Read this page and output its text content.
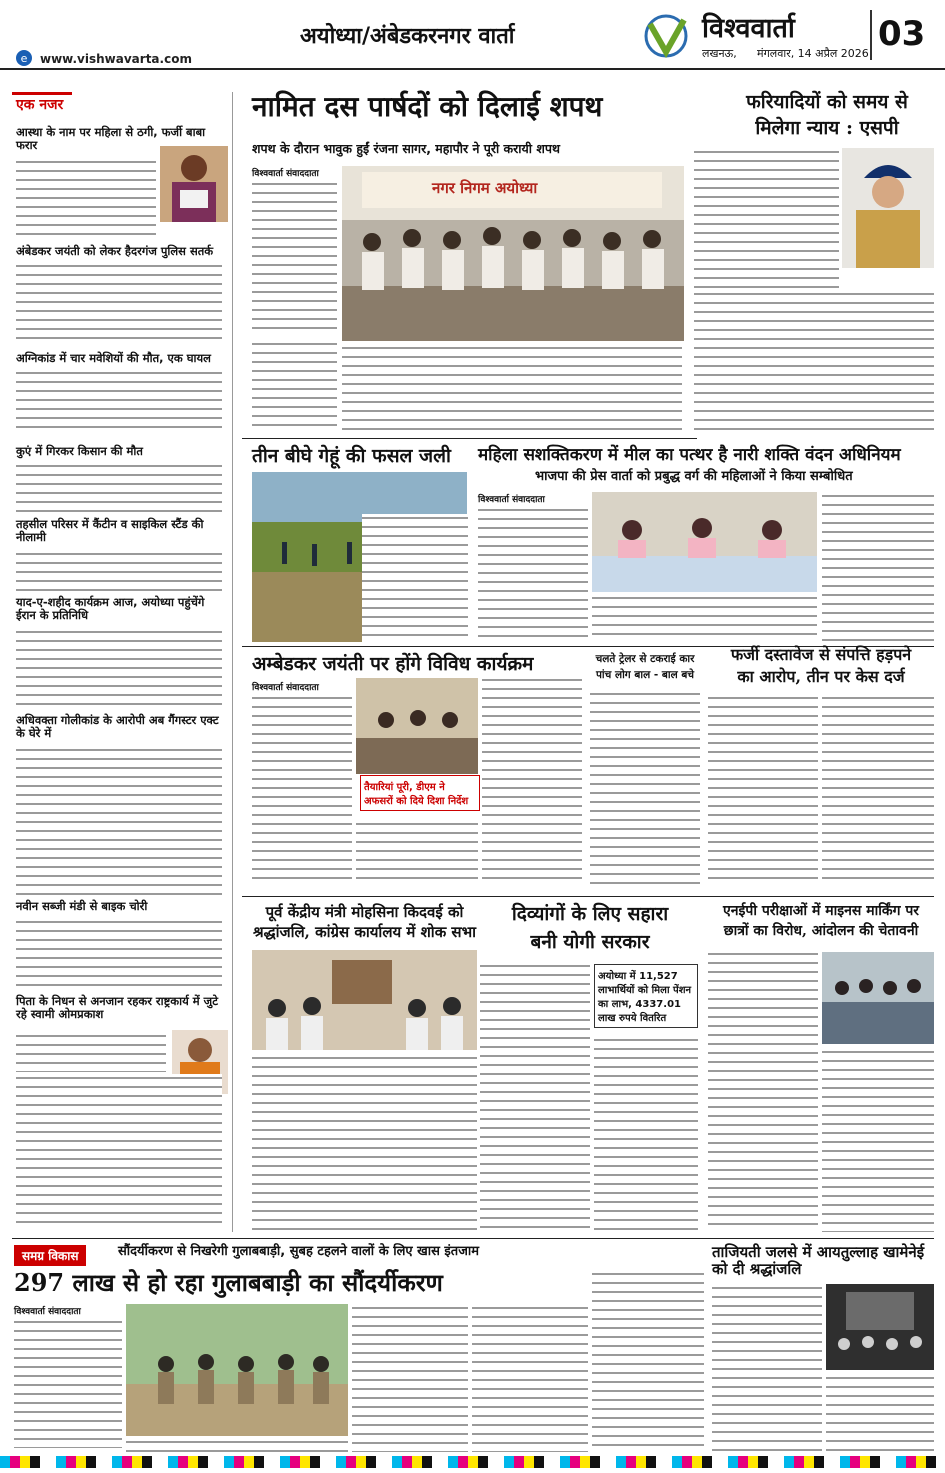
अयोध्या/अंबेडकरनगर वार्ता
e www.vishwavarta.com
विश्ववार्ता
लखनऊ, मंगलवार, 14 अप्रैल 2026 03
एक नजर
आस्था के नाम पर महिला से ठगी, फर्जी बाबा फरार
अंबेडकर जयंती को लेकर हैदरगंज पुलिस सतर्क
अग्निकांड में चार मवेशियों की मौत, एक घायल
कुएं में गिरकर किसान की मौत
तहसील परिसर में कैंटीन व साइकिल स्टैंड की नीलामी
याद-ए-शहीद कार्यक्रम आज, अयोध्या पहुंचेंगे ईरान के प्रतिनिधि
अधिवक्ता गोलीकांड के आरोपी अब गैंगस्टर एक्ट के घेरे में
नवीन सब्जी मंडी से बाइक चोरी
पिता के निधन से अनजान रहकर राष्ट्रकार्य में जुटे रहे स्वामी ओमप्रकाश
नामित दस पार्षदों को दिलाई शपथ
शपथ के दौरान भावुक हुईं रंजना सागर, महापौर ने पूरी करायी शपथ
विश्ववार्ता संवाददाता
नगर निगम अयोध्या
फरियादियों को समय से
मिलेगा न्याय : एसपी
तीन बीघे गेहूं की फसल जली	महिला सशक्तिकरण में मील का पत्थर है नारी शक्ति वंदन अधिनियम
भाजपा की प्रेस वार्ता को प्रबुद्ध वर्ग की महिलाओं ने किया सम्बोधित
विश्ववार्ता संवाददाता
अम्बेडकर जयंती पर होंगे विविध कार्यक्रम
विश्ववार्ता संवाददाता
तैयारियां पूरी, डीएम ने अफसरों को दिये दिशा निर्देश
चलते ट्रेलर से टकराई कार
पांच लोग बाल - बाल बचे
फर्जी दस्तावेज से संपत्ति हड़पने
का आरोप, तीन पर केस दर्ज
पूर्व केंद्रीय मंत्री मोहसिना किदवई को
श्रद्धांजलि, कांग्रेस कार्यालय में शोक सभा
दिव्यांगों के लिए सहारा
बनी योगी सरकार
अयोध्या में 11,527 लाभार्थियों को मिला पेंशन का लाभ, 4337.01 लाख रुपये वितरित
एनईपी परीक्षाओं में माइनस मार्किंग पर
छात्रों का विरोध, आंदोलन की चेतावनी
समग्र विकास	सौंदर्यीकरण से निखरेगी गुलाबबाड़ी, सुबह टहलने वालों के लिए खास इंतजाम
297 लाख से हो रहा गुलाबबाड़ी का सौंदर्यीकरण
विश्ववार्ता संवाददाता
ताजियती जलसे में आयतुल्लाह खामेनेई को दी श्रद्धांजलि
